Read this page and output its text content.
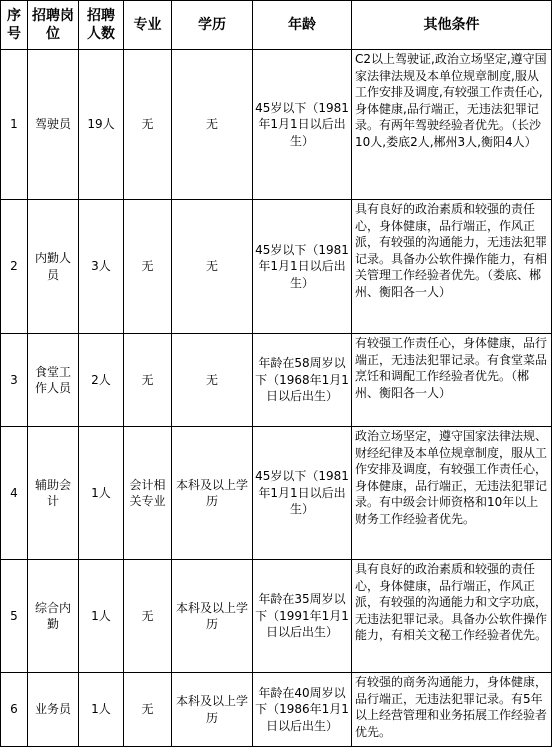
序号	招聘岗位	招聘人数	专业	学历	年龄	其他条件
1	驾驶员	19人	无	无	45岁以下（1981年1月1日以后出生）	C2以上驾驶证,政治立场坚定,遵守国家法律法规及本单位规章制度,服从工作安排及调度,有较强工作责任心,身体健康,品行端正，无违法犯罪记录。有两年驾驶经验者优先。（长沙10人,娄底2人,郴州3人,衡阳4人）
2	内勤人员	3人	无	无	45岁以下（1981年1月1日以后出生）	具有良好的政治素质和较强的责任心，身体健康，品行端正，作风正派，有较强的沟通能力，无违法犯罪记录。具备办公软件操作能力，有相关管理工作经验者优先。（娄底、郴州、衡阳各一人）
3	食堂工作人员	2人	无	无	年龄在58周岁以下（1968年1月1日以后出生）	有较强工作责任心，身体健康，品行端正，无违法犯罪记录。有食堂菜品烹饪和调配工作经验者优先。（郴州、衡阳各一人）
4	辅助会计	1人	会计相关专业	本科及以上学历	45岁以下（1981年1月1日以后出生）	政治立场坚定，遵守国家法律法规、财经纪律及本单位规章制度，服从工作安排及调度，有较强工作责任心，身体健康，品行端正，无违法犯罪记录。有中级会计师资格和10年以上财务工作经验者优先。
5	综合内勤	1人	无	本科及以上学历	年龄在35周岁以下（1991年1月1日以后出生）	具有良好的政治素质和较强的责任心，身体健康，品行端正，作风正派，有较强的沟通能力和文字功底，无违法犯罪记录。具备办公软件操作能力，有相关文秘工作经验者优先。
6	业务员	1人	无	本科及以上学历	年龄在40周岁以下（1986年1月1日以后出生）	有较强的商务沟通能力，身体健康，品行端正，无违法犯罪记录。有5年以上经营管理和业务拓展工作经验者优先。
